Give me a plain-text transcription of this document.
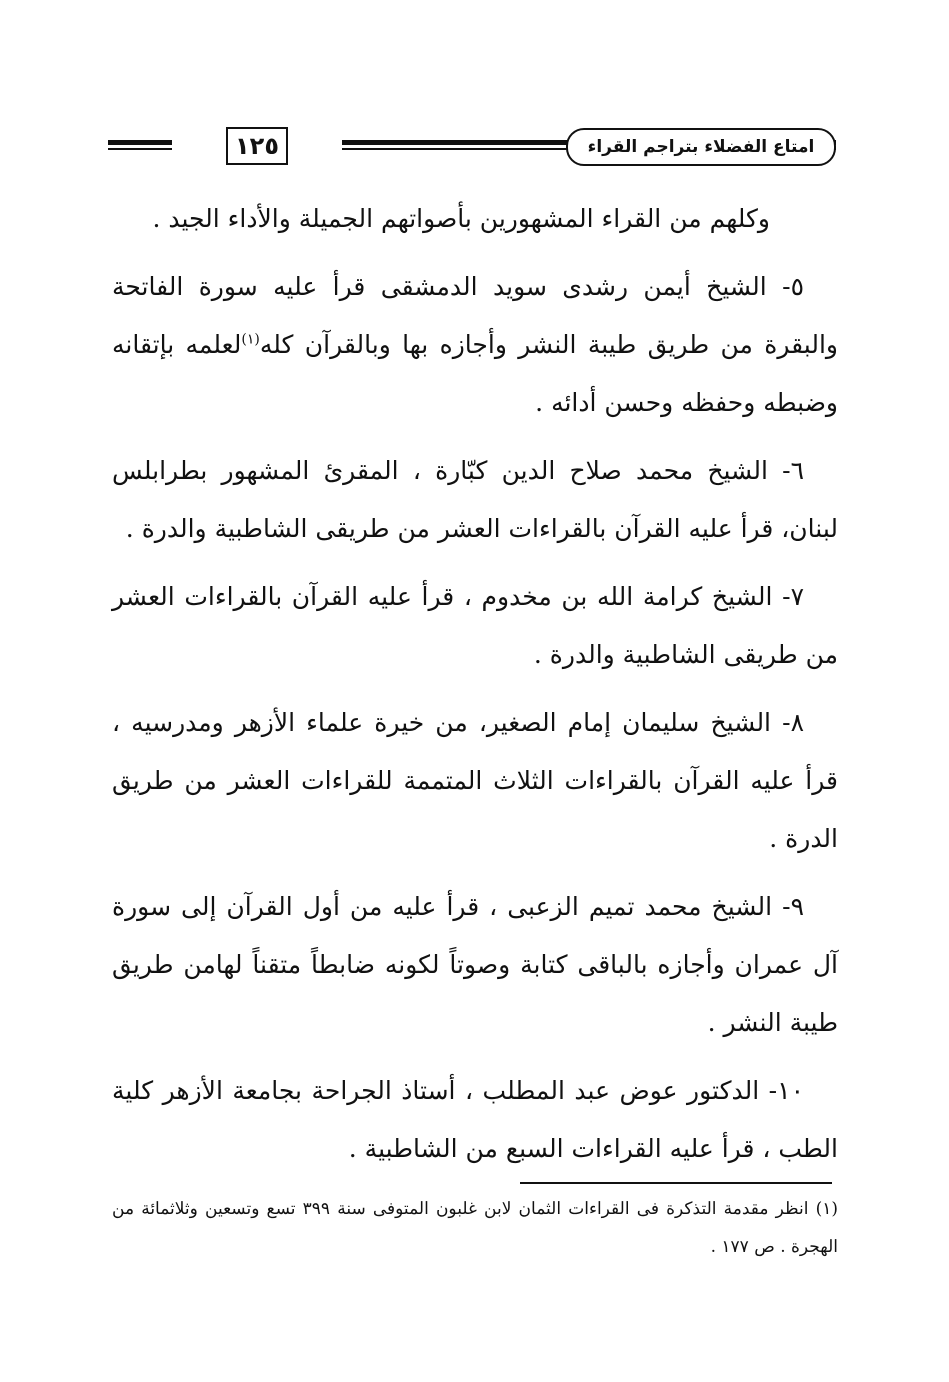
١٢٥	امتاع الفضلاء بتراجم القراء

وكلهم من القراء المشهورين بأصواتهم الجميلة والأداء الجيد .

٥- الشيخ أيمن رشدى سويد الدمشقى قرأ عليه سورة الفاتحة والبقرة من طريق طيبة النشر وأجازه بها وبالقرآن كله$^{(١)}$لعلمه بإتقانه وضبطه وحفظه وحسن أدائه .

٦- الشيخ محمد صلاح الدين كبّارة ، المقرئ المشهور بطرابلس لبنان، قرأ عليه القرآن بالقراءات العشر من طريقى الشاطبية والدرة .

٧- الشيخ كرامة الله بن مخدوم ، قرأ عليه القرآن بالقراءات العشر من طريقى الشاطبية والدرة .

٨- الشيخ سليمان إمام الصغير، من خيرة علماء الأزهر ومدرسيه ، قرأ عليه القرآن بالقراءات الثلاث المتممة للقراءات العشر من طريق الدرة .

٩- الشيخ محمد تميم الزعبى ، قرأ عليه من أول القرآن إلى سورة آل عمران وأجازه بالباقى كتابة وصوتاً لكونه ضابطاً متقناً لهامن طريق طيبة النشر .

١٠- الدكتور عوض عبد المطلب ، أستاذ الجراحة بجامعة الأزهر كلية الطب ، قرأ عليه القراءات السبع من الشاطبية .

(١) انظر مقدمة التذكرة فى القراءات الثمان لابن غلبون المتوفى سنة ٣٩٩ تسع وتسعين وثلاثمائة من الهجرة . ص ١٧٧ .
